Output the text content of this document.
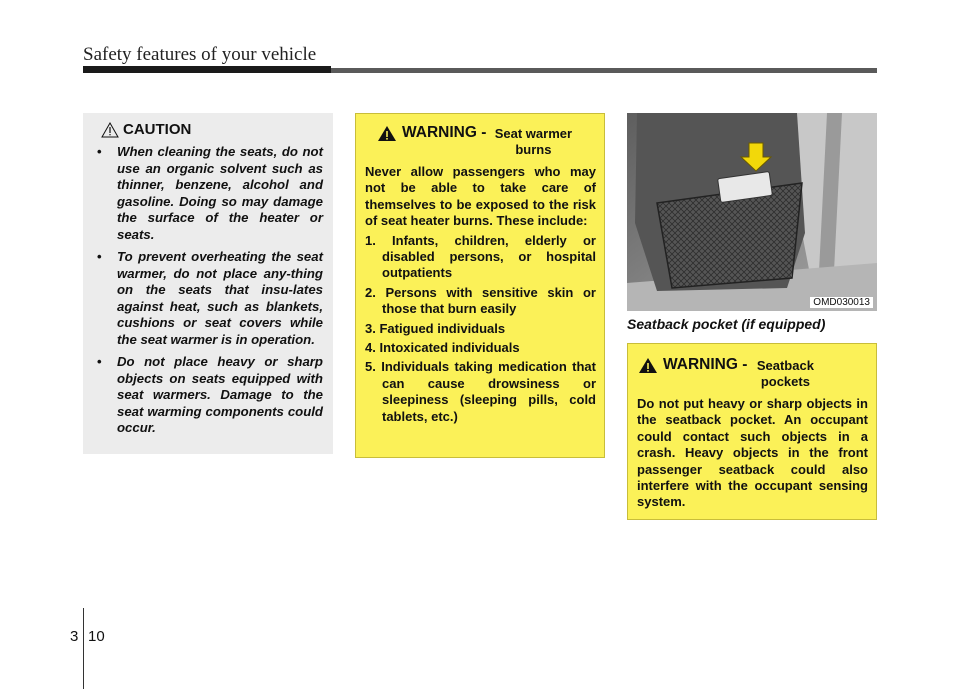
Safety features of your vehicle
CAUTION
• When cleaning the seats, do not use an organic solvent such as thinner, benzene, alcohol and gasoline. Doing so may damage the surface of the heater or seats.
• To prevent overheating the seat warmer, do not place any-thing on the seats that insu-lates against heat, such as blankets, cushions or seat covers while the seat warmer is in operation.
• Do not place heavy or sharp objects on seats equipped with seat warmers. Damage to the seat warming components could occur.
WARNING - Seat warmer burns

Never allow passengers who may not be able to take care of themselves to be exposed to the risk of seat heater burns. These include:

1. Infants, children, elderly or disabled persons, or hospital outpatients
2. Persons with sensitive skin or those that burn easily
3. Fatigued individuals
4. Intoxicated individuals
5. Individuals taking medication that can cause drowsiness or sleepiness (sleeping pills, cold tablets, etc.)
OMD030013
Seatback pocket (if equipped)
WARNING - Seatback pockets

Do not put heavy or sharp objects in the seatback pocket. An occupant could contact such objects in a crash. Heavy objects in the front passenger seatback could also interfere with the occupant sensing system.

3 10
